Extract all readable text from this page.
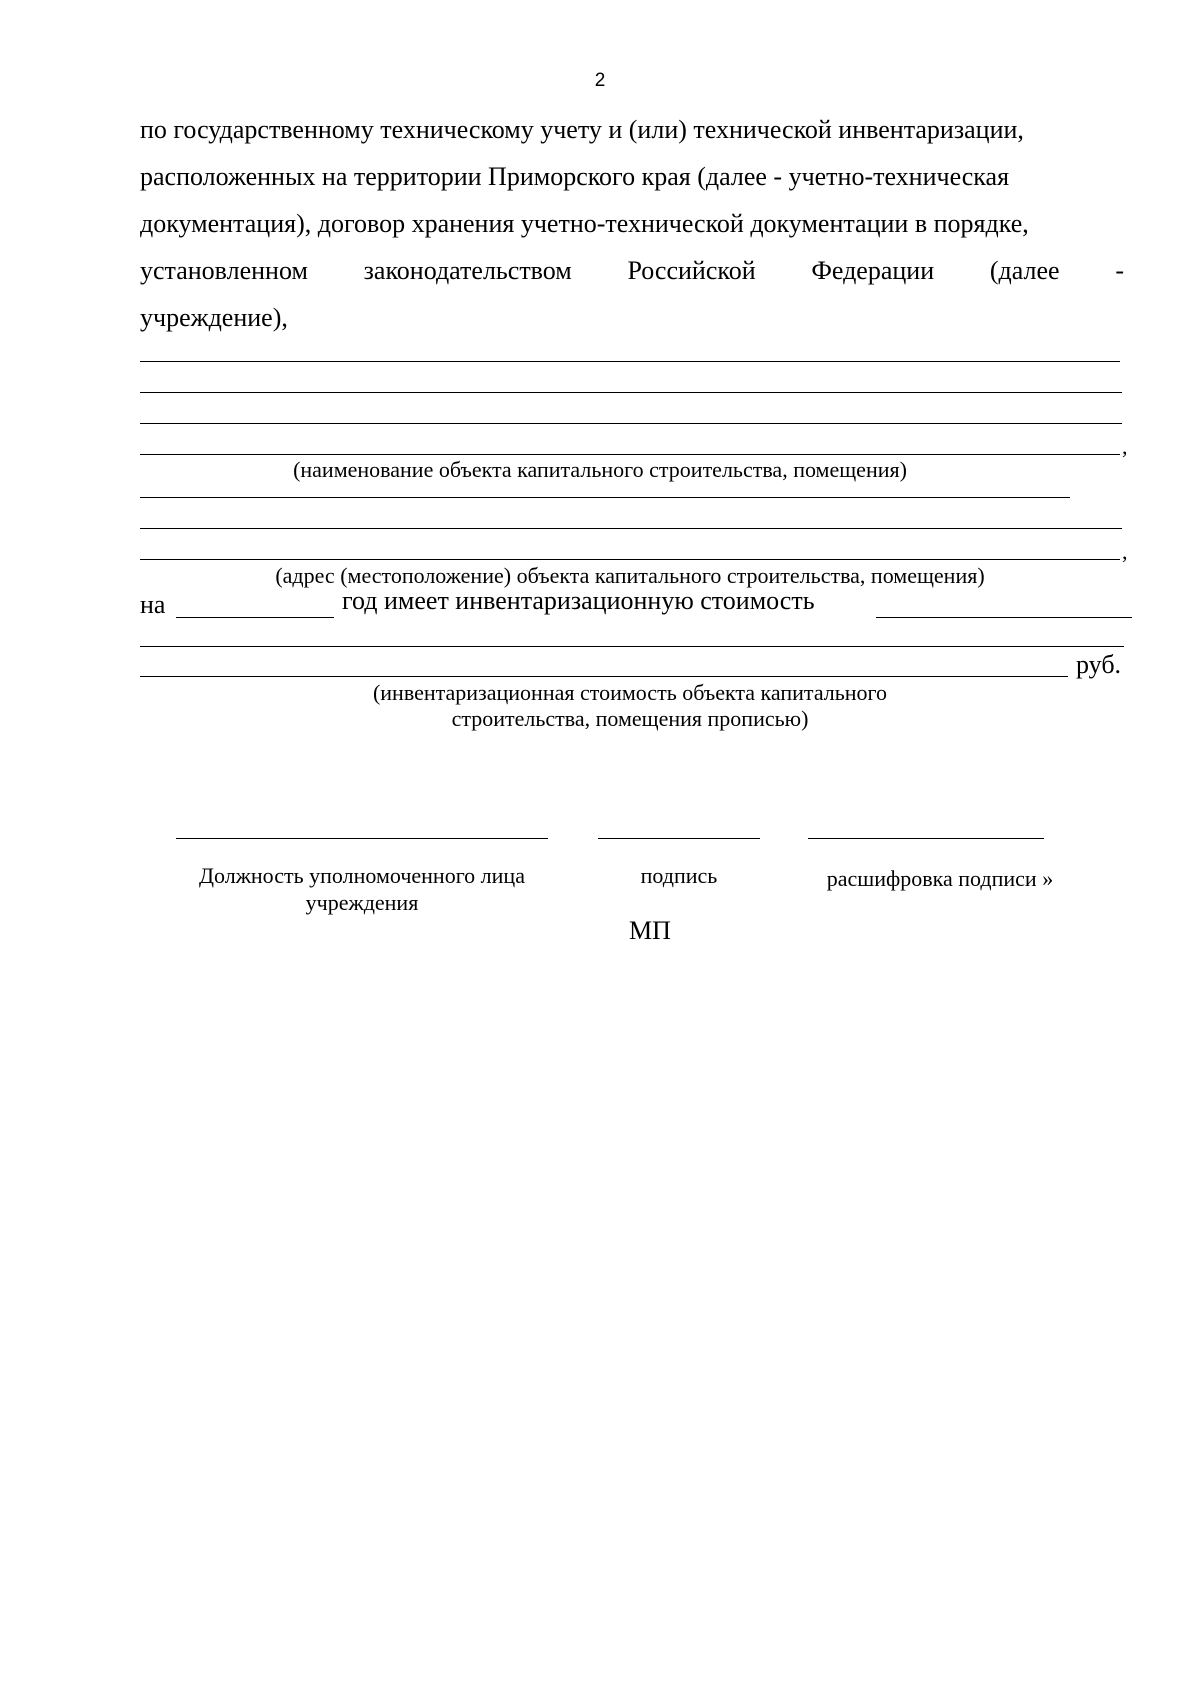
2
по государственному техническому учету и (или) технической инвентаризации,
расположенных на территории Приморского края (далее - учетно-техническая
документация), договор хранения учетно-технической документации в порядке,
установленном законодательством Российской Федерации (далее -
учреждение),
,
(наименование объекта капитального строительства, помещения)
,
(адрес (местоположение) объекта капитального строительства, помещения)
на	год имеет инвентаризационную стоимость
руб.
(инвентаризационная стоимость объекта капитального
строительства, помещения прописью)
Должность уполномоченного лица
учреждения
подпись	расшифровка подписи »
МП
